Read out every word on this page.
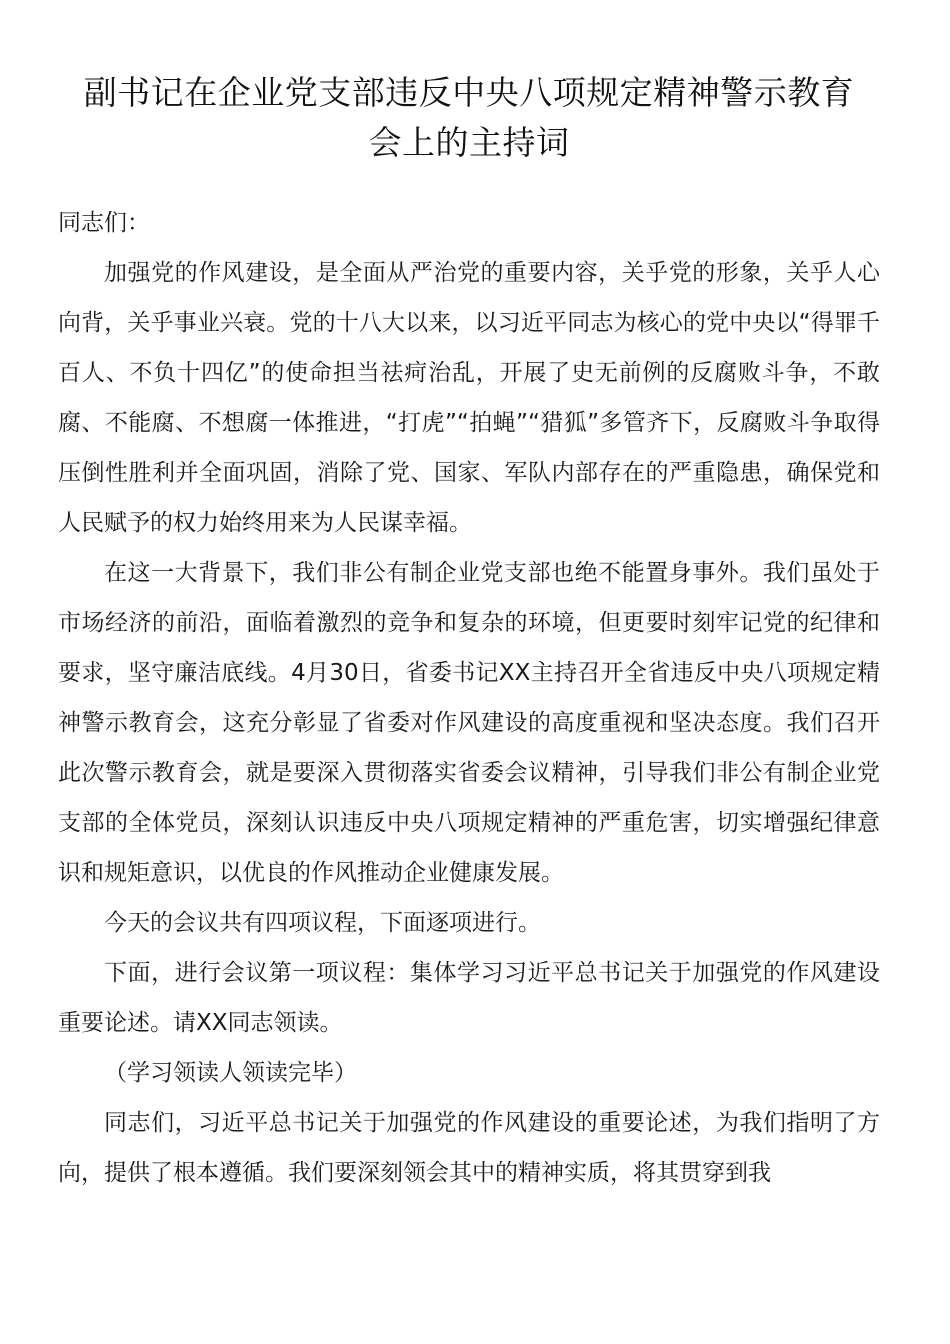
副书记在企业党支部违反中央八项规定精神警示教育
会上的主持词

同志们：

加强党的作风建设，是全面从严治党的重要内容，关乎党的形象，关乎人心向背，关乎事业兴衰。党的十八大以来，以习近平同志为核心的党中央以“得罪千百人、不负十四亿”的使命担当祛疴治乱，开展了史无前例的反腐败斗争，不敢腐、不能腐、不想腐一体推进，“打虎”“拍蝇”“猎狐”多管齐下，反腐败斗争取得压倒性胜利并全面巩固，消除了党、国家、军队内部存在的严重隐患，确保党和人民赋予的权力始终用来为人民谋幸福。

在这一大背景下，我们非公有制企业党支部也绝不能置身事外。我们虽处于市场经济的前沿，面临着激烈的竞争和复杂的环境，但更要时刻牢记党的纪律和要求，坚守廉洁底线。4月30日，省委书记XX主持召开全省违反中央八项规定精神警示教育会，这充分彰显了省委对作风建设的高度重视和坚决态度。我们召开此次警示教育会，就是要深入贯彻落实省委会议精神，引导我们非公有制企业党支部的全体党员，深刻认识违反中央八项规定精神的严重危害，切实增强纪律意识和规矩意识，以优良的作风推动企业健康发展。

今天的会议共有四项议程，下面逐项进行。

下面，进行会议第一项议程：集体学习习近平总书记关于加强党的作风建设重要论述。请XX同志领读。

（学习领读人领读完毕）

同志们，习近平总书记关于加强党的作风建设的重要论述，为我们指明了方向，提供了根本遵循。我们要深刻领会其中的精神实质，将其贯穿到我
